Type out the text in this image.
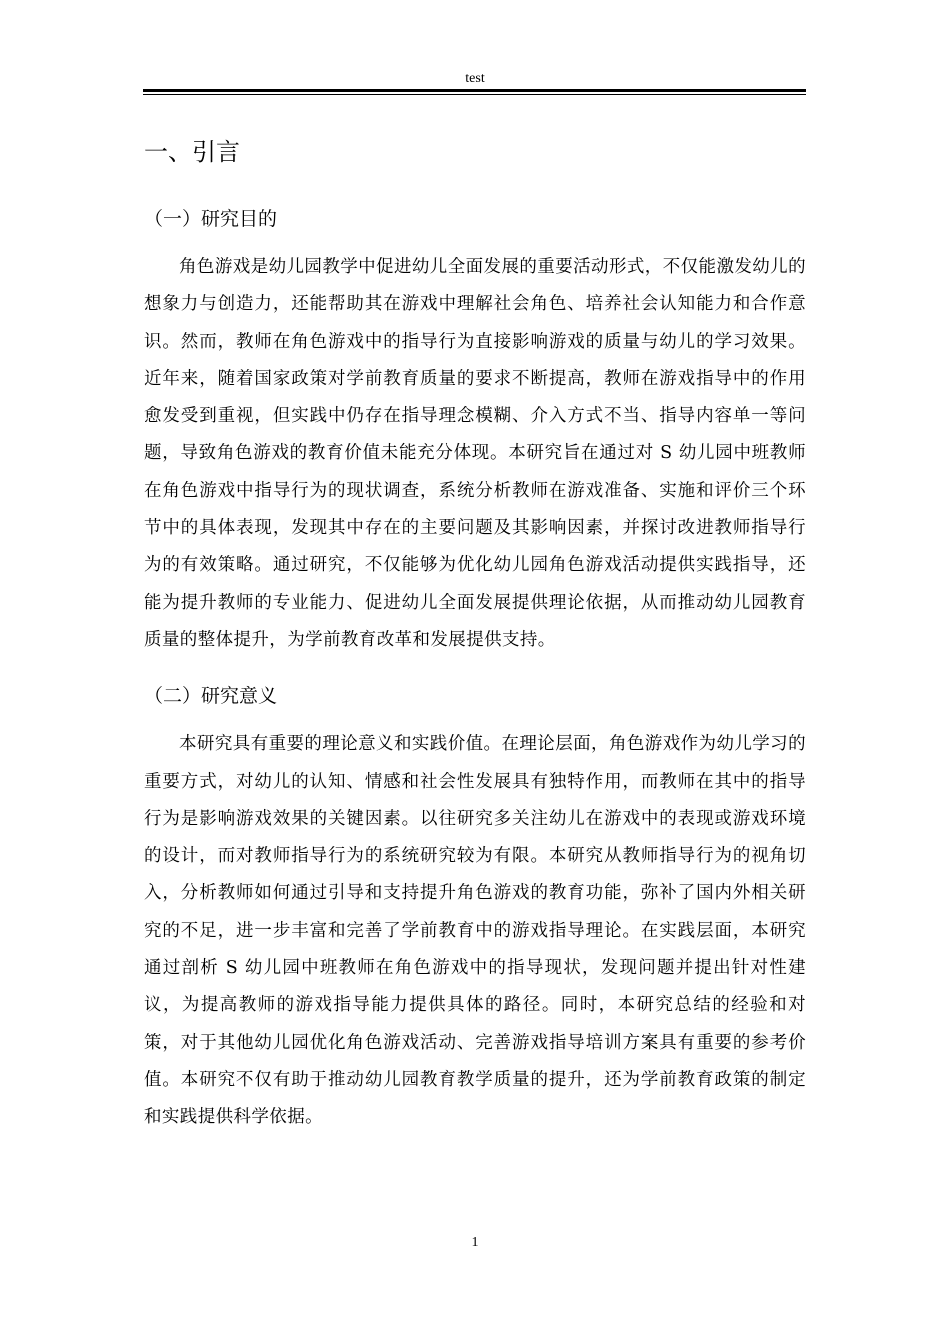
test
一、引言
（一）研究目的

角色游戏是幼儿园教学中促进幼儿全面发展的重要活动形式，不仅能激发幼儿的想象力与创造力，还能帮助其在游戏中理解社会角色、培养社会认知能力和合作意识。然而，教师在角色游戏中的指导行为直接影响游戏的质量与幼儿的学习效果。近年来，随着国家政策对学前教育质量的要求不断提高，教师在游戏指导中的作用愈发受到重视，但实践中仍存在指导理念模糊、介入方式不当、指导内容单一等问题，导致角色游戏的教育价值未能充分体现。本研究旨在通过对 S 幼儿园中班教师在角色游戏中指导行为的现状调查，系统分析教师在游戏准备、实施和评价三个环节中的具体表现，发现其中存在的主要问题及其影响因素，并探讨改进教师指导行为的有效策略。通过研究，不仅能够为优化幼儿园角色游戏活动提供实践指导，还能为提升教师的专业能力、促进幼儿全面发展提供理论依据，从而推动幼儿园教育质量的整体提升，为学前教育改革和发展提供支持。

（二）研究意义

本研究具有重要的理论意义和实践价值。在理论层面，角色游戏作为幼儿学习的重要方式，对幼儿的认知、情感和社会性发展具有独特作用，而教师在其中的指导行为是影响游戏效果的关键因素。以往研究多关注幼儿在游戏中的表现或游戏环境的设计，而对教师指导行为的系统研究较为有限。本研究从教师指导行为的视角切入，分析教师如何通过引导和支持提升角色游戏的教育功能，弥补了国内外相关研究的不足，进一步丰富和完善了学前教育中的游戏指导理论。在实践层面，本研究通过剖析 S 幼儿园中班教师在角色游戏中的指导现状，发现问题并提出针对性建议，为提高教师的游戏指导能力提供具体的路径。同时，本研究总结的经验和对策，对于其他幼儿园优化角色游戏活动、完善游戏指导培训方案具有重要的参考价值。本研究不仅有助于推动幼儿园教育教学质量的提升，还为学前教育政策的制定和实践提供科学依据。

1
